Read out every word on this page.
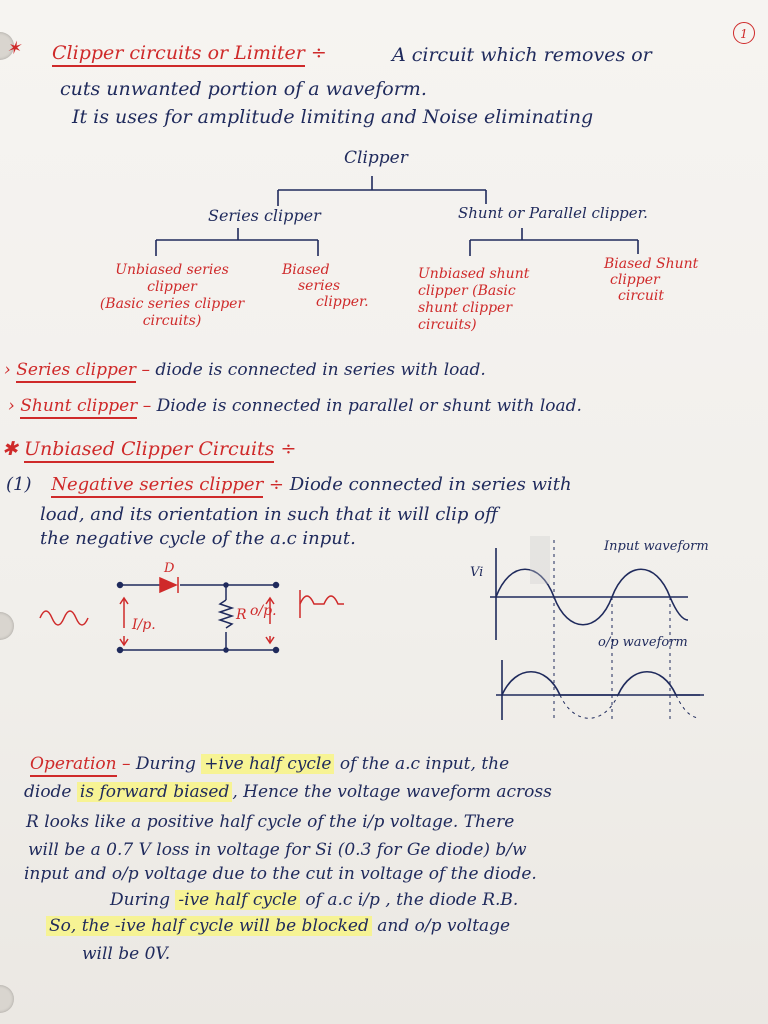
1
✶ Clipper circuits or Limiter ÷	A circuit which removes or
cuts unwanted portion of a waveform.
It is uses for amplitude limiting and Noise eliminating
Clipper
Series clipper	Shunt or Parallel clipper.
Unbiased series
clipper
(Basic series clipper
circuits)
Biased
series
clipper.
Unbiased shunt
clipper (Basic
shunt clipper
circuits)
Biased Shunt
clipper
circuit
› Series clipper – diode is connected in series with load.
› Shunt clipper – Diode is connected in parallel or shunt with load.
✱ Unbiased Clipper Circuits ÷
(1) Negative series clipper ÷ Diode connected in series with
load, and its orientation in such that it will clip off
the negative cycle of the a.c input.
D
I/p.
R o/p.
Vi
Input waveform
o/p waveform
Operation – During +ive half cycle of the a.c input, the
diode is forward biased , Hence the voltage waveform across
R looks like a positive half cycle of the i/p voltage. There
will be a 0.7 V loss in voltage for Si (0.3 for Ge diode) b/w
input and o/p voltage due to the cut in voltage of the diode.
During -ive half cycle of a.c i/p , the diode R.B.
So, the -ive half cycle will be blocked and o/p voltage
will be 0V.
